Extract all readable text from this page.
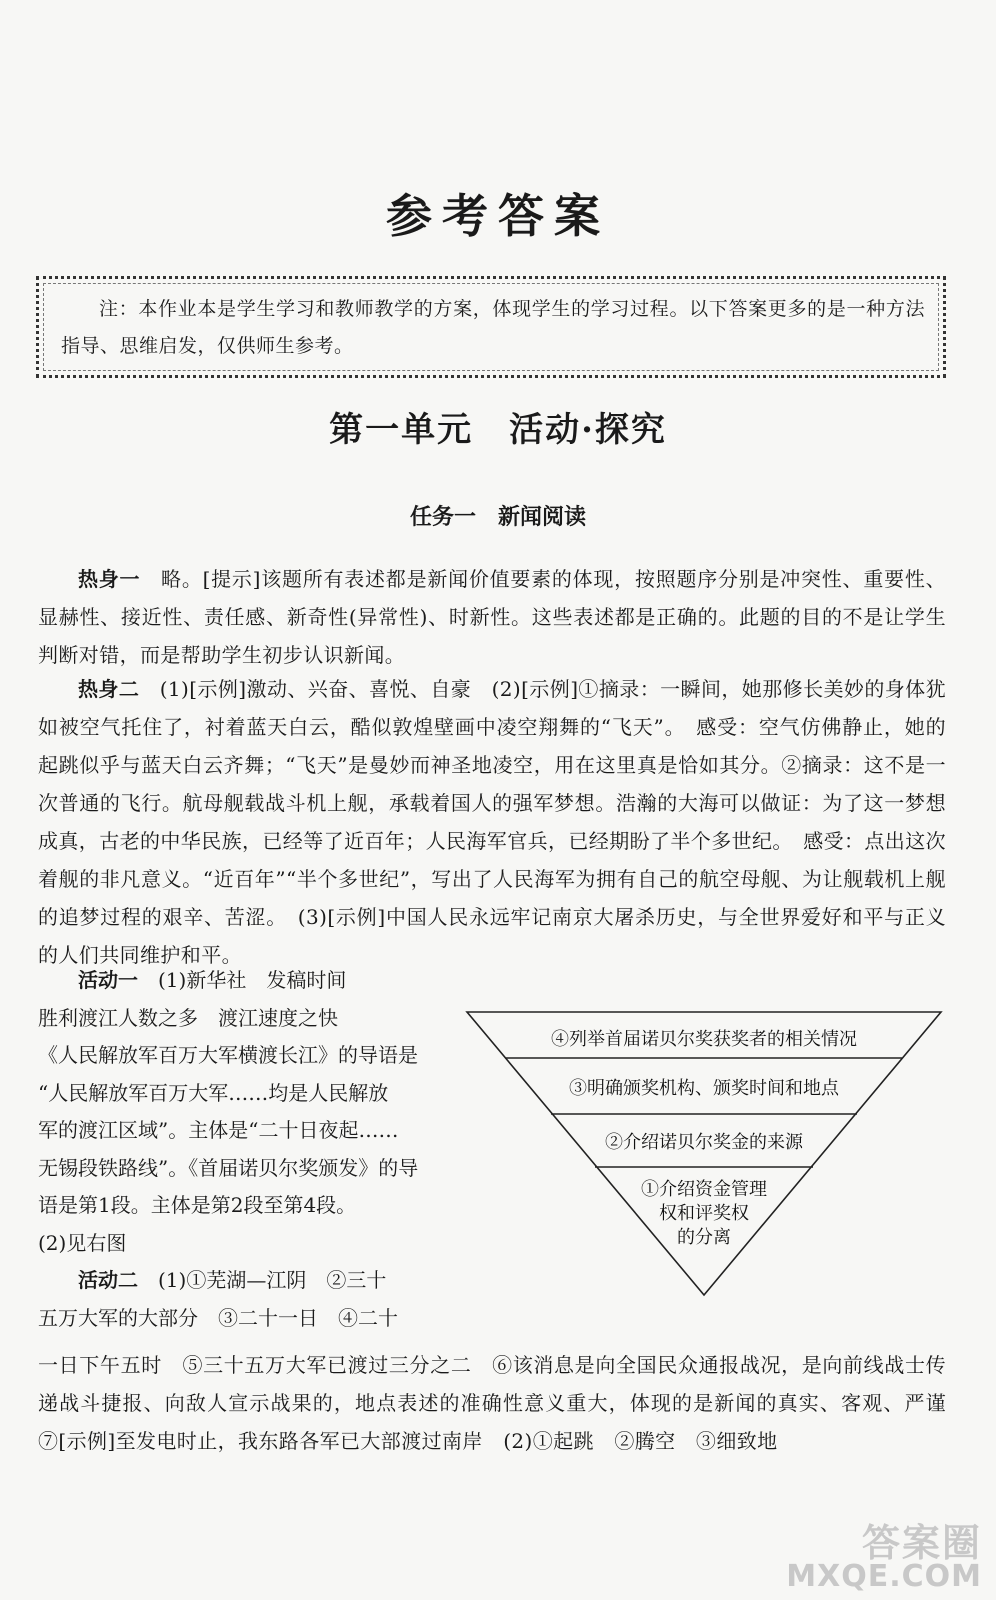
参考答案
注：本作业本是学生学习和教师教学的方案，体现学生的学习过程。以下答案更多的是一种方法指导、思维启发，仅供师生参考。
第一单元　活动·探究
任务一　新闻阅读
热身一　略。[提示]该题所有表述都是新闻价值要素的体现，按照题序分别是冲突性、重要性、显赫性、接近性、责任感、新奇性(异常性)、时新性。这些表述都是正确的。此题的目的不是让学生判断对错，而是帮助学生初步认识新闻。
热身二　(1)[示例]激动、兴奋、喜悦、自豪　(2)[示例]①摘录：一瞬间，她那修长美妙的身体犹如被空气托住了，衬着蓝天白云，酷似敦煌壁画中凌空翔舞的“飞天”。　感受：空气仿佛静止，她的起跳似乎与蓝天白云齐舞；“飞天”是曼妙而神圣地凌空，用在这里真是恰如其分。②摘录：这不是一次普通的飞行。航母舰载战斗机上舰，承载着国人的强军梦想。浩瀚的大海可以做证：为了这一梦想成真，古老的中华民族，已经等了近百年；人民海军官兵，已经期盼了半个多世纪。　感受：点出这次着舰的非凡意义。“近百年”“半个多世纪”，写出了人民海军为拥有自己的航空母舰、为让舰载机上舰的追梦过程的艰辛、苦涩。　(3)[示例]中国人民永远牢记南京大屠杀历史，与全世界爱好和平与正义的人们共同维护和平。
活动一　(1)新华社　发稿时间
胜利渡江人数之多　渡江速度之快
《人民解放军百万大军横渡长江》的导语是
“人民解放军百万大军……均是人民解放
军的渡江区域”。主体是“二十日夜起……
无锡段铁路线”。《首届诺贝尔奖颁发》的导
语是第1段。主体是第2段至第4段。
(2)见右图
活动二　(1)①芜湖—江阴　②三十
五万大军的大部分　③二十一日　④二十
一日下午五时　⑤三十五万大军已渡过三分之二　⑥该消息是向全国民众通报战况，是向前线战士传递战斗捷报、向敌人宣示战果的，地点表述的准确性意义重大，体现的是新闻的真实、客观、严谨　⑦[示例]至发电时止，我东路各军已大部渡过南岸　(2)①起跳　②腾空　③细致地
④列举首届诺贝尔奖获奖者的相关情况
③明确颁奖机构、颁奖时间和地点
②介绍诺贝尔奖金的来源
①介绍资金管理
权和评奖权
的分离
答案圈
MXQE.COM
